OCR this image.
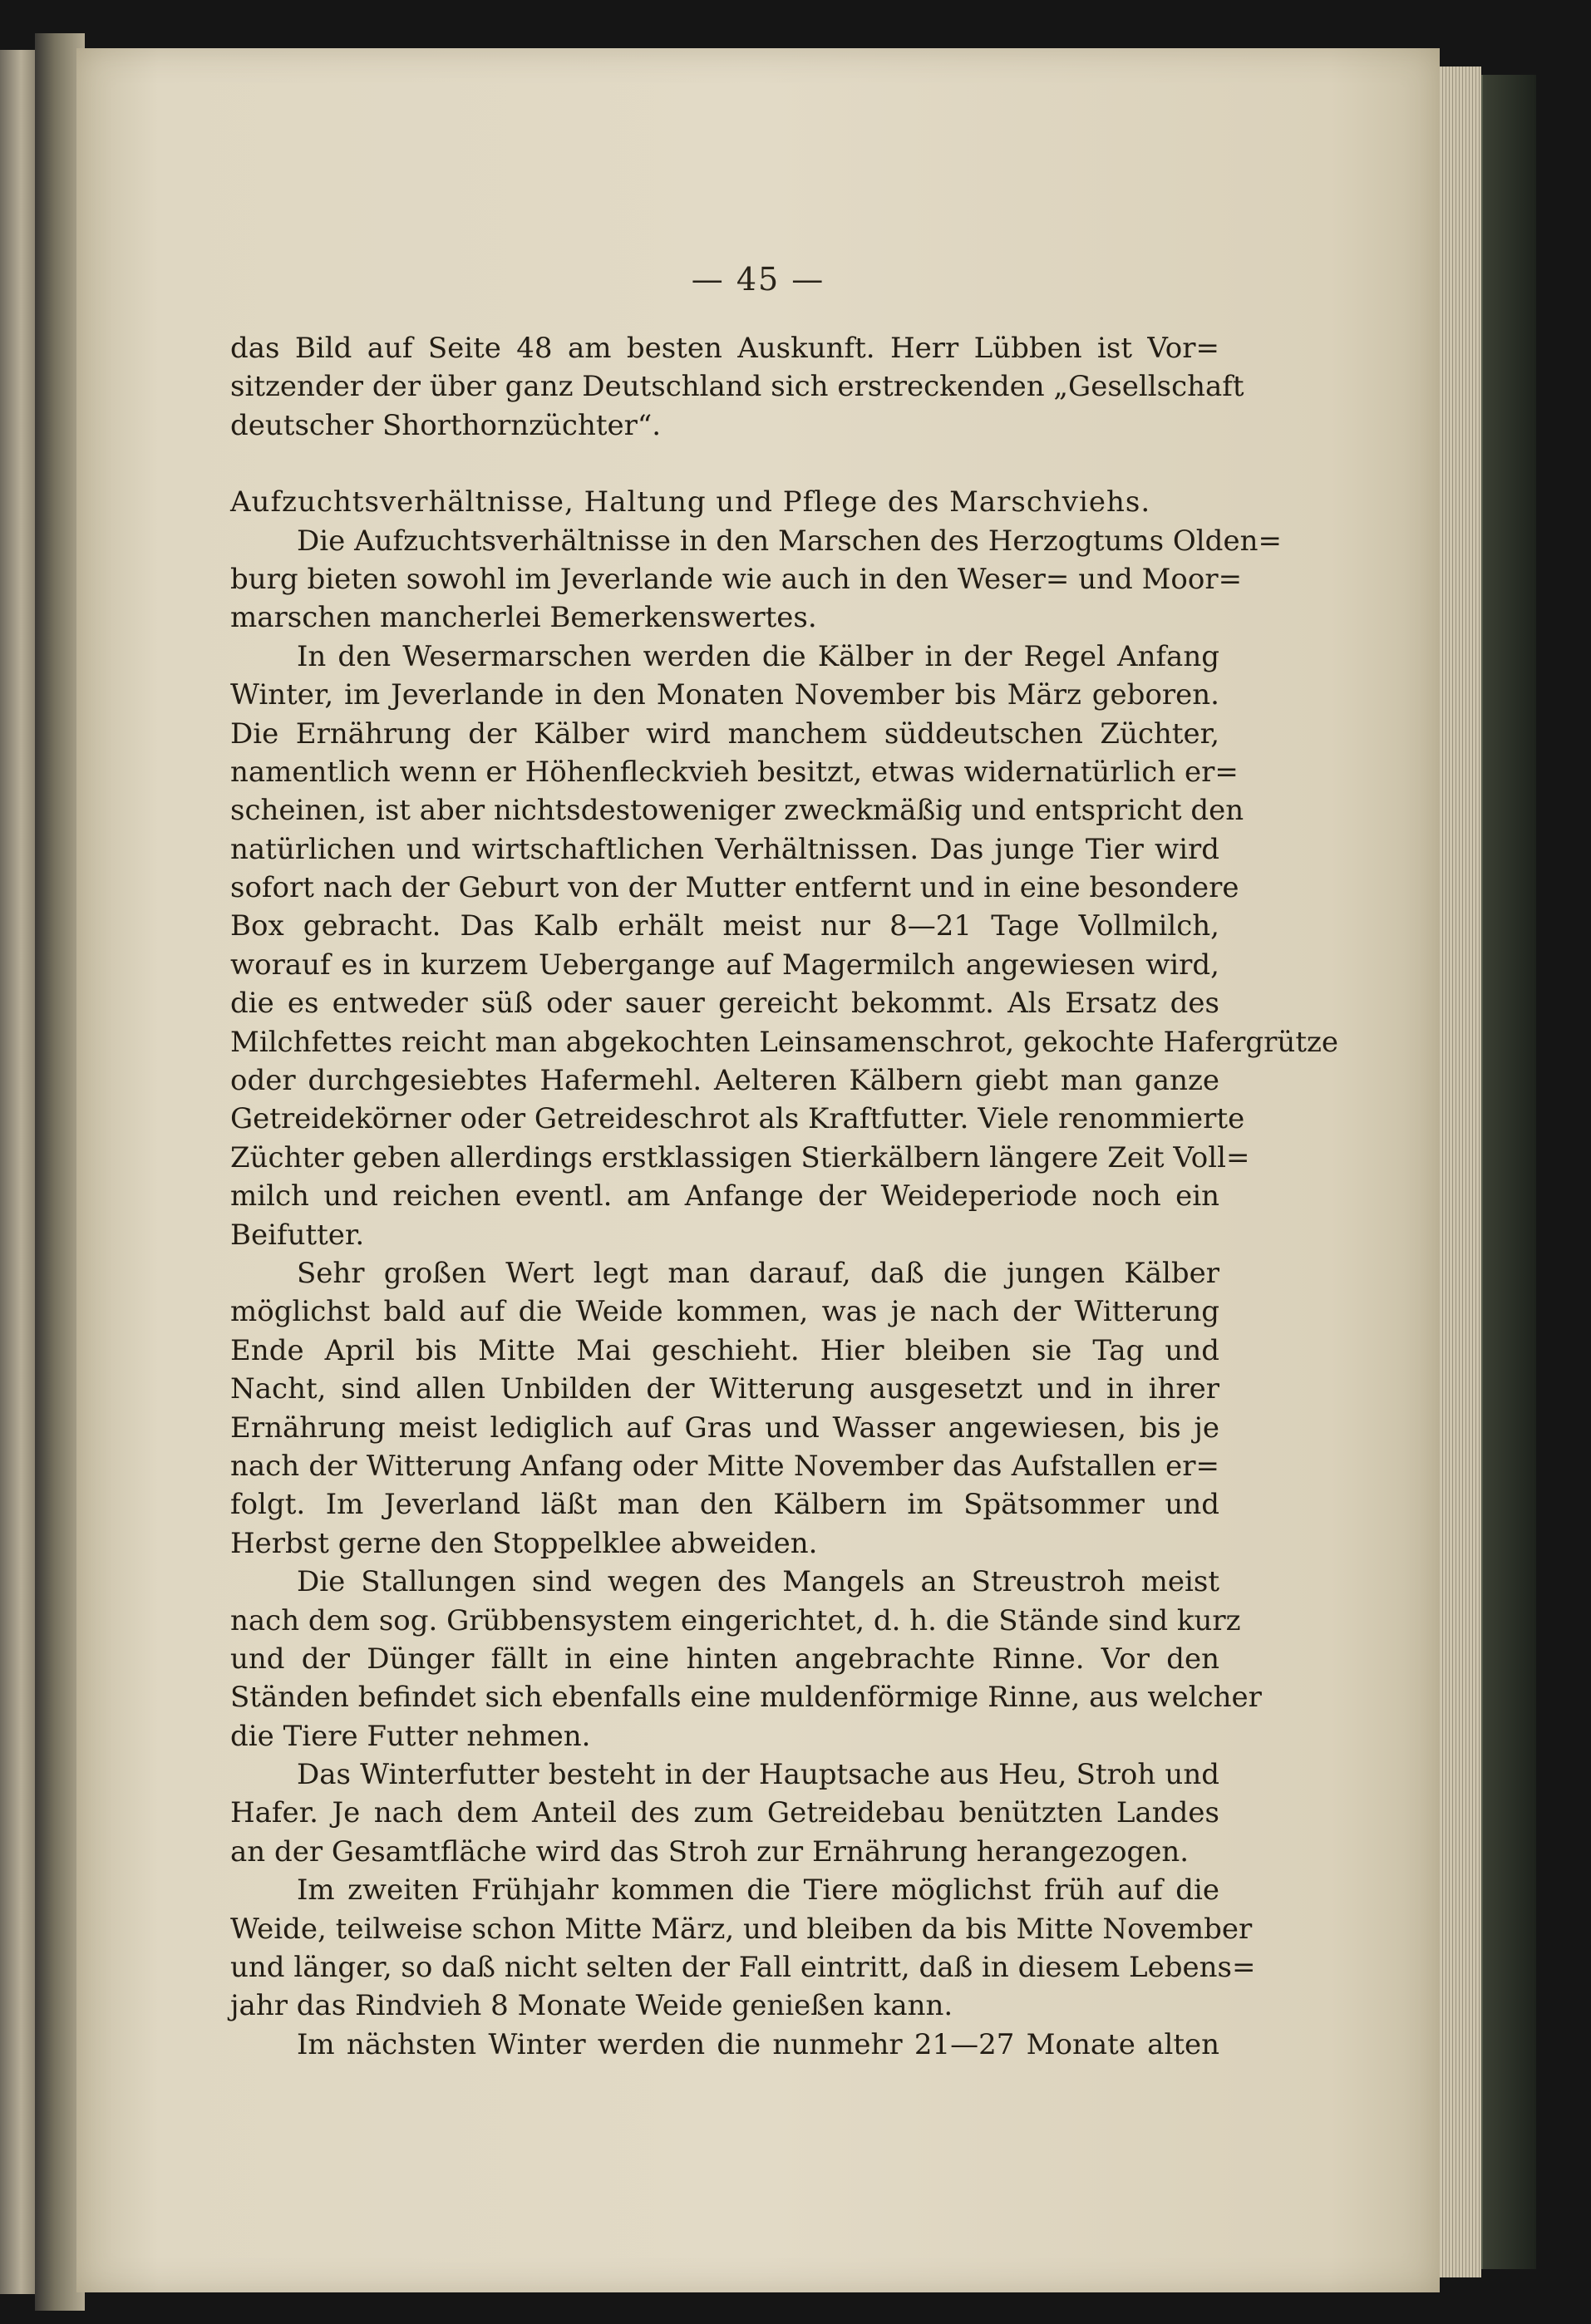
— 45 —
das Bild auf Seite 48 am besten Auskunft. Herr Lübben ist Vor=
sitzender der über ganz Deutschland sich erstreckenden „Gesellschaft
deutscher Shorthornzüchter“.
Aufzuchtsverhältnisse, Haltung und Pflege des Marschviehs.
Die Aufzuchtsverhältnisse in den Marschen des Herzogtums Olden=
burg bieten sowohl im Jeverlande wie auch in den Weser= und Moor=
marschen mancherlei Bemerkenswertes.
In den Wesermarschen werden die Kälber in der Regel Anfang
Winter, im Jeverlande in den Monaten November bis März geboren.
Die Ernährung der Kälber wird manchem süddeutschen Züchter,
namentlich wenn er Höhenfleckvieh besitzt, etwas widernatürlich er=
scheinen, ist aber nichtsdestoweniger zweckmäßig und entspricht den
natürlichen und wirtschaftlichen Verhältnissen. Das junge Tier wird
sofort nach der Geburt von der Mutter entfernt und in eine besondere
Box gebracht. Das Kalb erhält meist nur 8—21 Tage Vollmilch,
worauf es in kurzem Uebergange auf Magermilch angewiesen wird,
die es entweder süß oder sauer gereicht bekommt. Als Ersatz des
Milchfettes reicht man abgekochten Leinsamenschrot, gekochte Hafergrütze
oder durchgesiebtes Hafermehl. Aelteren Kälbern giebt man ganze
Getreidekörner oder Getreideschrot als Kraftfutter. Viele renommierte
Züchter geben allerdings erstklassigen Stierkälbern längere Zeit Voll=
milch und reichen eventl. am Anfange der Weideperiode noch ein
Beifutter.
Sehr großen Wert legt man darauf, daß die jungen Kälber
möglichst bald auf die Weide kommen, was je nach der Witterung
Ende April bis Mitte Mai geschieht. Hier bleiben sie Tag und
Nacht, sind allen Unbilden der Witterung ausgesetzt und in ihrer
Ernährung meist lediglich auf Gras und Wasser angewiesen, bis je
nach der Witterung Anfang oder Mitte November das Aufstallen er=
folgt. Im Jeverland läßt man den Kälbern im Spätsommer und
Herbst gerne den Stoppelklee abweiden.
Die Stallungen sind wegen des Mangels an Streustroh meist
nach dem sog. Grübbensystem eingerichtet, d. h. die Stände sind kurz
und der Dünger fällt in eine hinten angebrachte Rinne. Vor den
Ständen befindet sich ebenfalls eine muldenförmige Rinne, aus welcher
die Tiere Futter nehmen.
Das Winterfutter besteht in der Hauptsache aus Heu, Stroh und
Hafer. Je nach dem Anteil des zum Getreidebau benützten Landes
an der Gesamtfläche wird das Stroh zur Ernährung herangezogen.
Im zweiten Frühjahr kommen die Tiere möglichst früh auf die
Weide, teilweise schon Mitte März, und bleiben da bis Mitte November
und länger, so daß nicht selten der Fall eintritt, daß in diesem Lebens=
jahr das Rindvieh 8 Monate Weide genießen kann.
Im nächsten Winter werden die nunmehr 21—27 Monate alten
